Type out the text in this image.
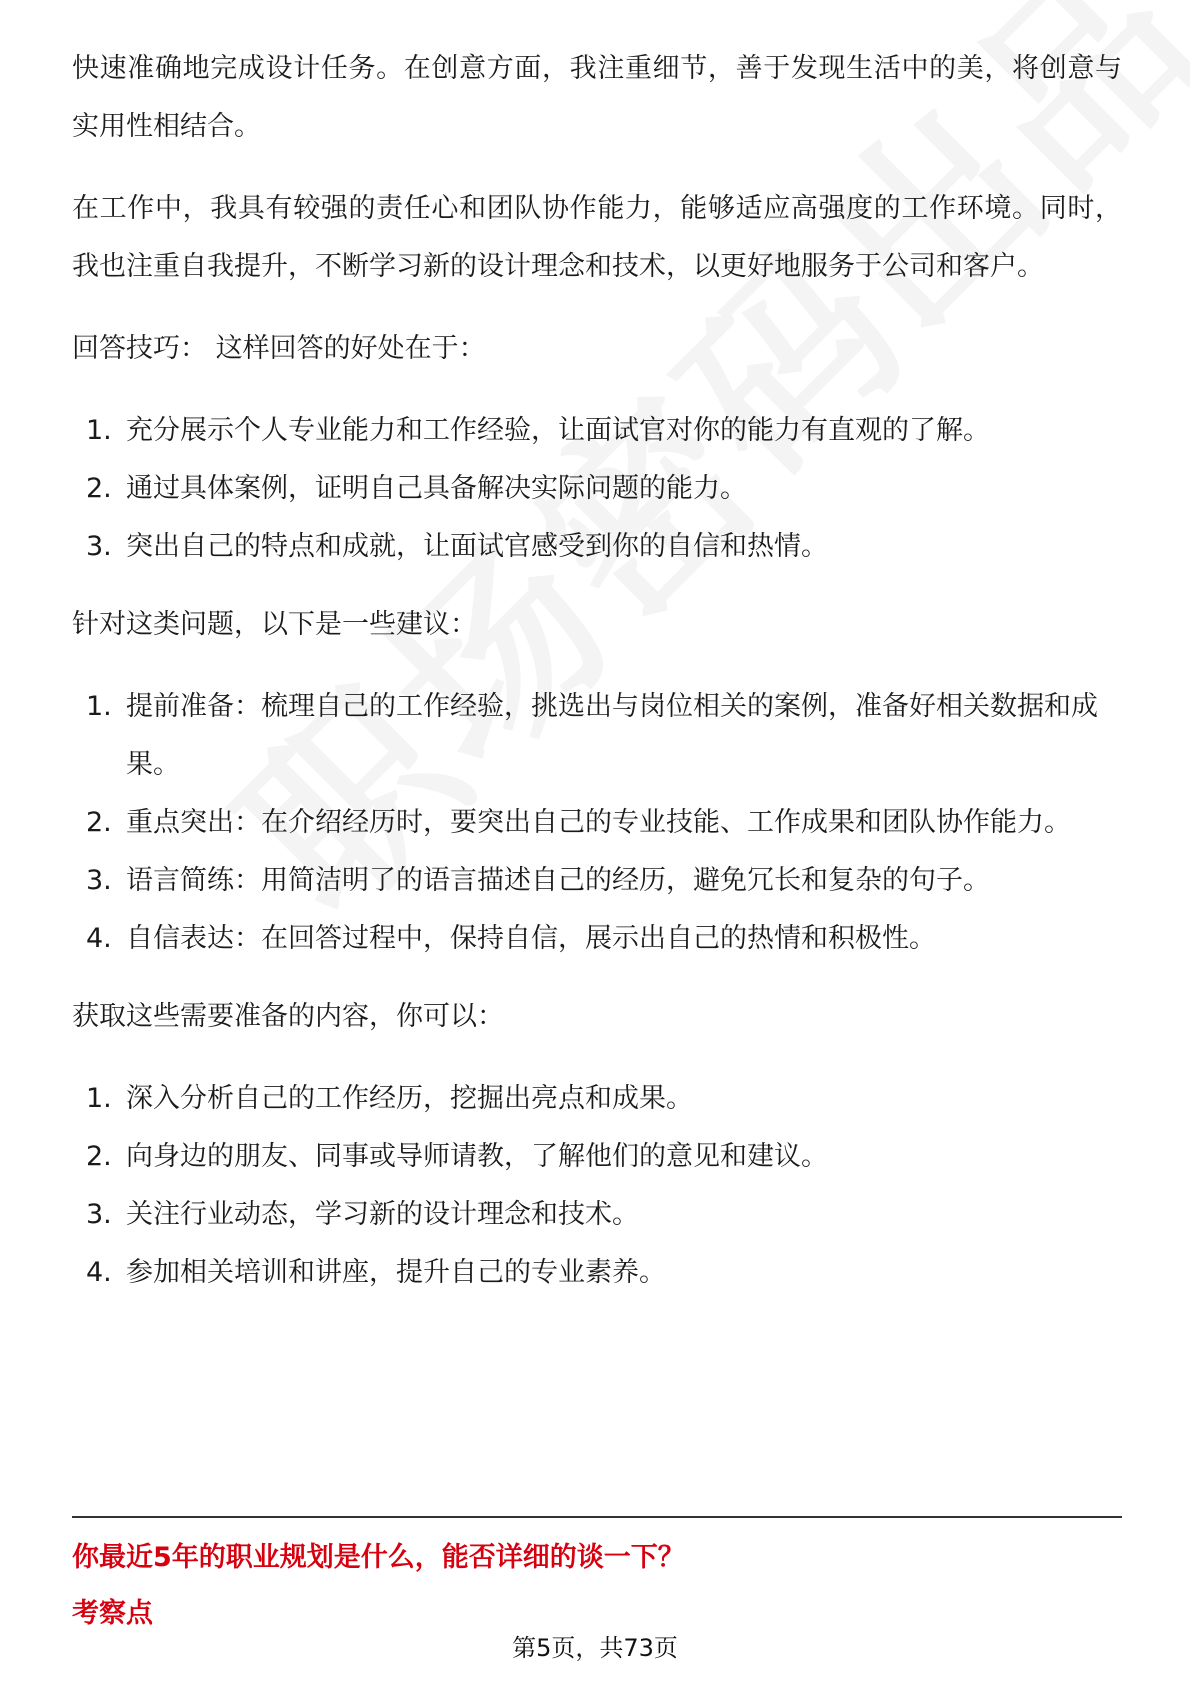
快速准确地完成设计任务。在创意方面，我注重细节，善于发现生活中的美，将创意与实用性相结合。

在工作中，我具有较强的责任心和团队协作能力，能够适应高强度的工作环境。同时，我也注重自我提升，不断学习新的设计理念和技术，以更好地服务于公司和客户。

回答技巧： 这样回答的好处在于：

1. 充分展示个人专业能力和工作经验，让面试官对你的能力有直观的了解。
2. 通过具体案例，证明自己具备解决实际问题的能力。
3. 突出自己的特点和成就，让面试官感受到你的自信和热情。

针对这类问题，以下是一些建议：

1. 提前准备：梳理自己的工作经验，挑选出与岗位相关的案例，准备好相关数据和成果。
2. 重点突出：在介绍经历时，要突出自己的专业技能、工作成果和团队协作能力。
3. 语言简练：用简洁明了的语言描述自己的经历，避免冗长和复杂的句子。
4. 自信表达：在回答过程中，保持自信，展示出自己的热情和积极性。

获取这些需要准备的内容，你可以：

1. 深入分析自己的工作经历，挖掘出亮点和成果。
2. 向身边的朋友、同事或导师请教，了解他们的意见和建议。
3. 关注行业动态，学习新的设计理念和技术。
4. 参加相关培训和讲座，提升自己的专业素养。
你最近5年的职业规划是什么，能否详细的谈一下？
考察点
第5页，共73页
